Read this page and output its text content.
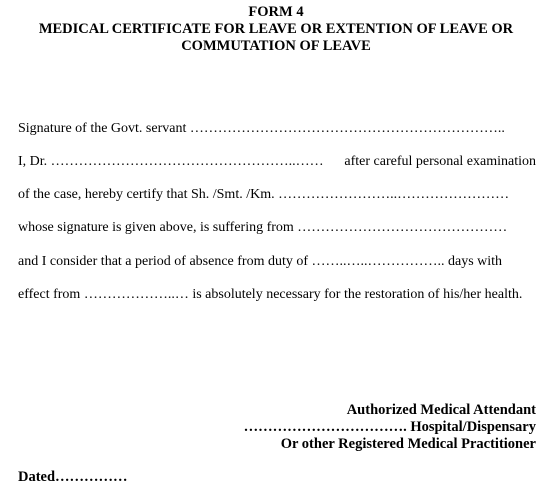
FORM 4
MEDICAL CERTIFICATE FOR LEAVE OR EXTENTION OF LEAVE OR
COMMUTATION OF LEAVE
Signature of the Govt. servant …………………………………………………………..
I, Dr. ……………………………………………..…… after careful personal examination
of the case, hereby certify that Sh. /Smt. /Km. ……………………..……………………
whose signature is given above, is suffering from ………………………………………
and I consider that a period of absence from duty of ……..…..…………….. days with
effect from ………………..… is absolutely necessary for the restoration of his/her health.
Authorized Medical Attendant
……………………………. Hospital/Dispensary
Or other Registered Medical Practitioner
Dated……………
